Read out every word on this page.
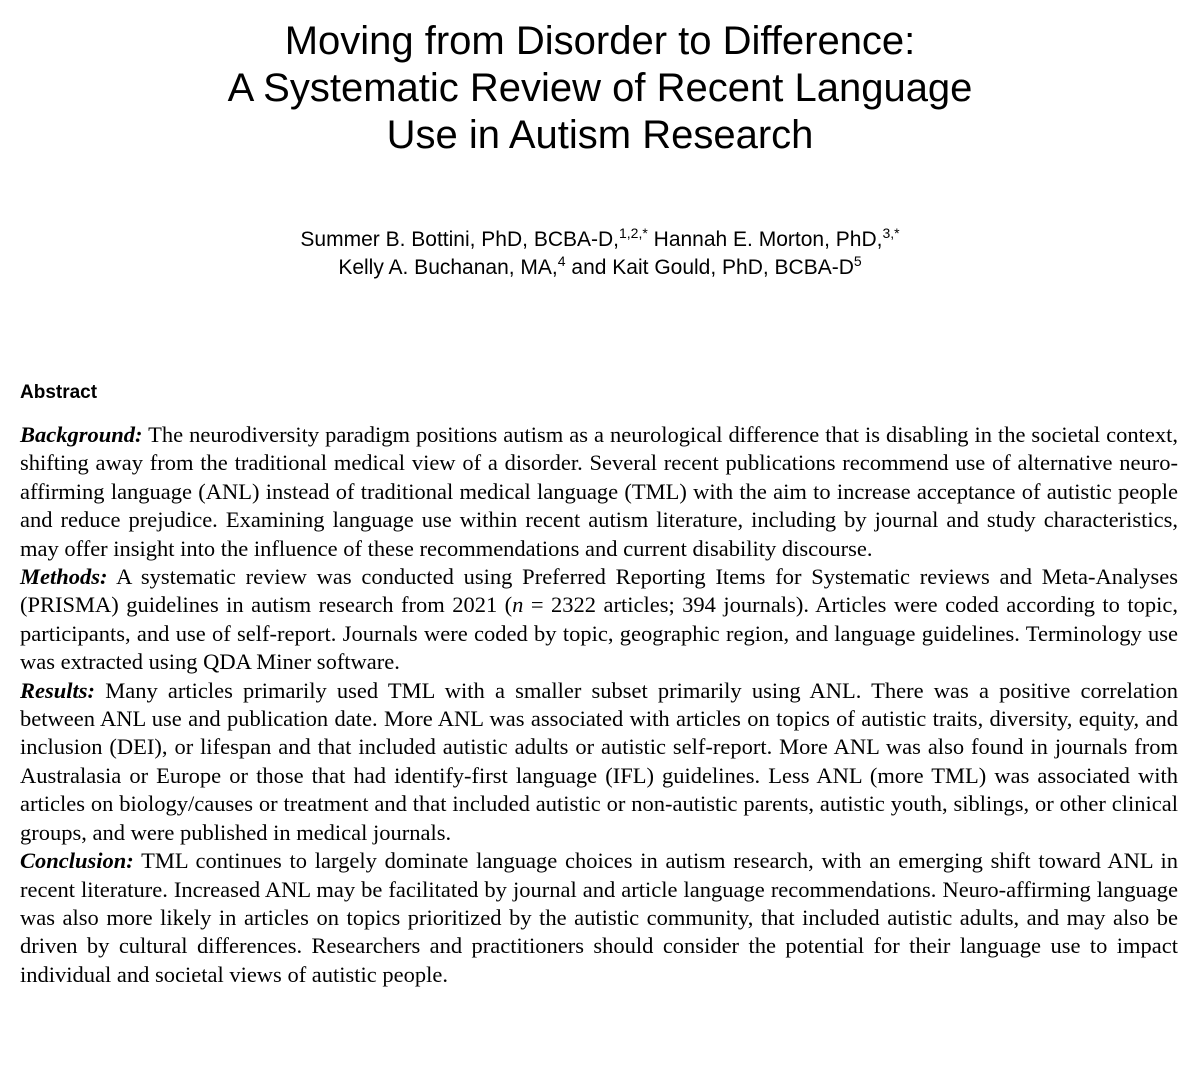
Moving from Disorder to Difference:
A Systematic Review of Recent Language
Use in Autism Research
Summer B. Bottini, PhD, BCBA-D,$^{1,2,*}$ Hannah E. Morton, PhD,$^{3,*}$
Kelly A. Buchanan, MA,$^4$ and Kait Gould, PhD, BCBA-$D^5$
Abstract

Background: The neurodiversity paradigm positions autism as a neurological difference that is disabling in the societal context, shifting away from the traditional medical view of a disorder. Several recent publications recommend use of alternative neuro-affirming language (ANL) instead of traditional medical language (TML) with the aim to increase acceptance of autistic people and reduce prejudice. Examining language use within recent autism literature, including by journal and study characteristics, may offer insight into the influence of these recommendations and current disability discourse.

Methods: A systematic review was conducted using Preferred Reporting Items for Systematic reviews and Meta-Analyses (PRISMA) guidelines in autism research from 2021 (n = 2322 articles; 394 journals). Articles were coded according to topic, participants, and use of self-report. Journals were coded by topic, geographic region, and language guidelines. Terminology use was extracted using QDA Miner software.

Results: Many articles primarily used TML with a smaller subset primarily using ANL. There was a positive correlation between ANL use and publication date. More ANL was associated with articles on topics of autistic traits, diversity, equity, and inclusion (DEI), or lifespan and that included autistic adults or autistic self-report. More ANL was also found in journals from Australasia or Europe or those that had identify-first language (IFL) guidelines. Less ANL (more TML) was associated with articles on biology/causes or treatment and that included autistic or non-autistic parents, autistic youth, siblings, or other clinical groups, and were published in medical journals.

Conclusion: TML continues to largely dominate language choices in autism research, with an emerging shift toward ANL in recent literature. Increased ANL may be facilitated by journal and article language recommendations. Neuro-affirming language was also more likely in articles on topics prioritized by the autistic community, that included autistic adults, and may also be driven by cultural differences. Researchers and practitioners should consider the potential for their language use to impact individual and societal views of autistic people.
